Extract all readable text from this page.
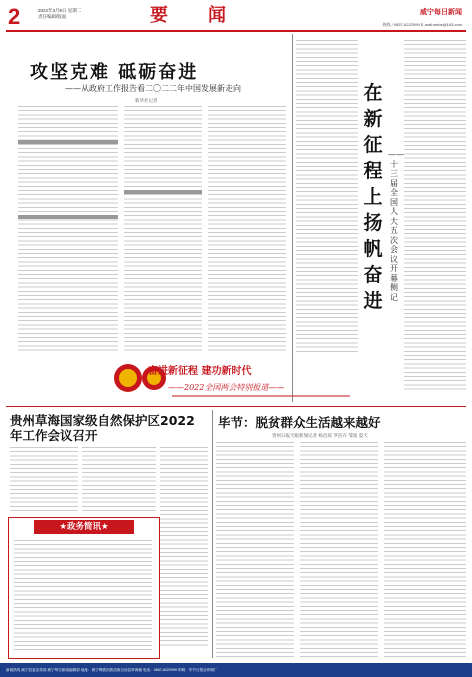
2	2022年3月8日 星期二
责任编辑/版面	要闻	威宁每日新闻
热线 / 0857-6222999 E-mail:wnbs@163.com
攻坚克难 砥砺奋进
——从政府工作报告看二〇二二年中国发展新走向
新华社记者	在新征程上扬帆奋进
——十三届全国人大五次会议开幕侧记
奋进新征程 建功新时代
——2022全国两会特别报道——
贵州草海国家级自然保护区2022年工作会议召开
★政务简讯★
毕节：脱贫群众生活越来越好
贵州日报天眼新闻记者 杨昌琼 罗洁卉 邹旭 夏天
新闻热线 威宁县委宣传部 威宁每日新闻编辑部 地址：威宁彝族回族苗族自治县草海镇 电话：0857-6222999 印刷：毕节日报社印刷厂
